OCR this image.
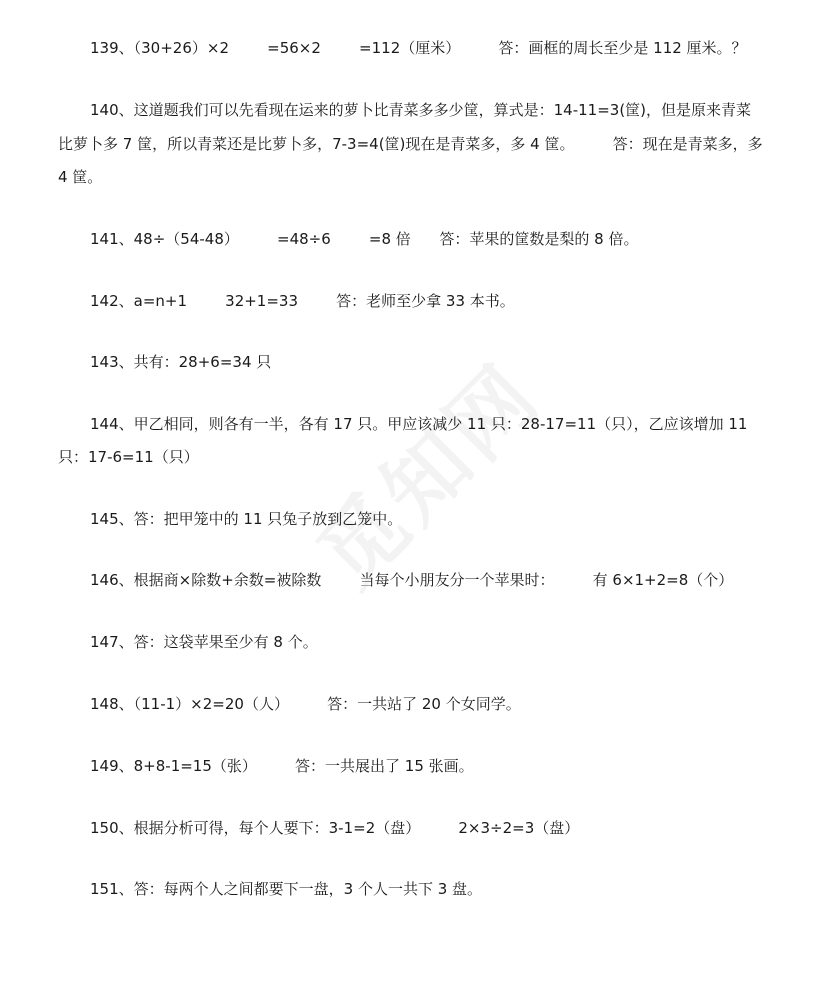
139、（30+26）×2        =56×2        =112（厘米）        答：画框的周长至少是 112 厘米。？
140、这道题我们可以先看现在运来的萝卜比青菜多多少筐，算式是：14-11=3(筐)，但是原来青菜
比萝卜多 7 筐，所以青菜还是比萝卜多，7-3=4(筐)现在是青菜多，多 4 筐。        答：现在是青菜多，多
4 筐。
141、48÷（54-48）        =48÷6        =8 倍      答：苹果的筐数是梨的 8 倍。
142、a=n+1        32+1=33        答：老师至少拿 33 本书。
143、共有：28+6=34 只
144、甲乙相同，则各有一半，各有 17 只。甲应该减少 11 只：28-17=11（只），乙应该增加 11
只：17-6=11（只）
145、答：把甲笼中的 11 只兔子放到乙笼中。
146、根据商×除数+余数=被除数        当每个小朋友分一个苹果时：        有 6×1+2=8（个）
147、答：这袋苹果至少有 8 个。
148、（11-1）×2=20（人）        答：一共站了 20 个女同学。
149、8+8-1=15（张）        答：一共展出了 15 张画。
150、根据分析可得，每个人要下：3-1=2（盘）        2×3÷2=3（盘）
151、答：每两个人之间都要下一盘，3 个人一共下 3 盘。
